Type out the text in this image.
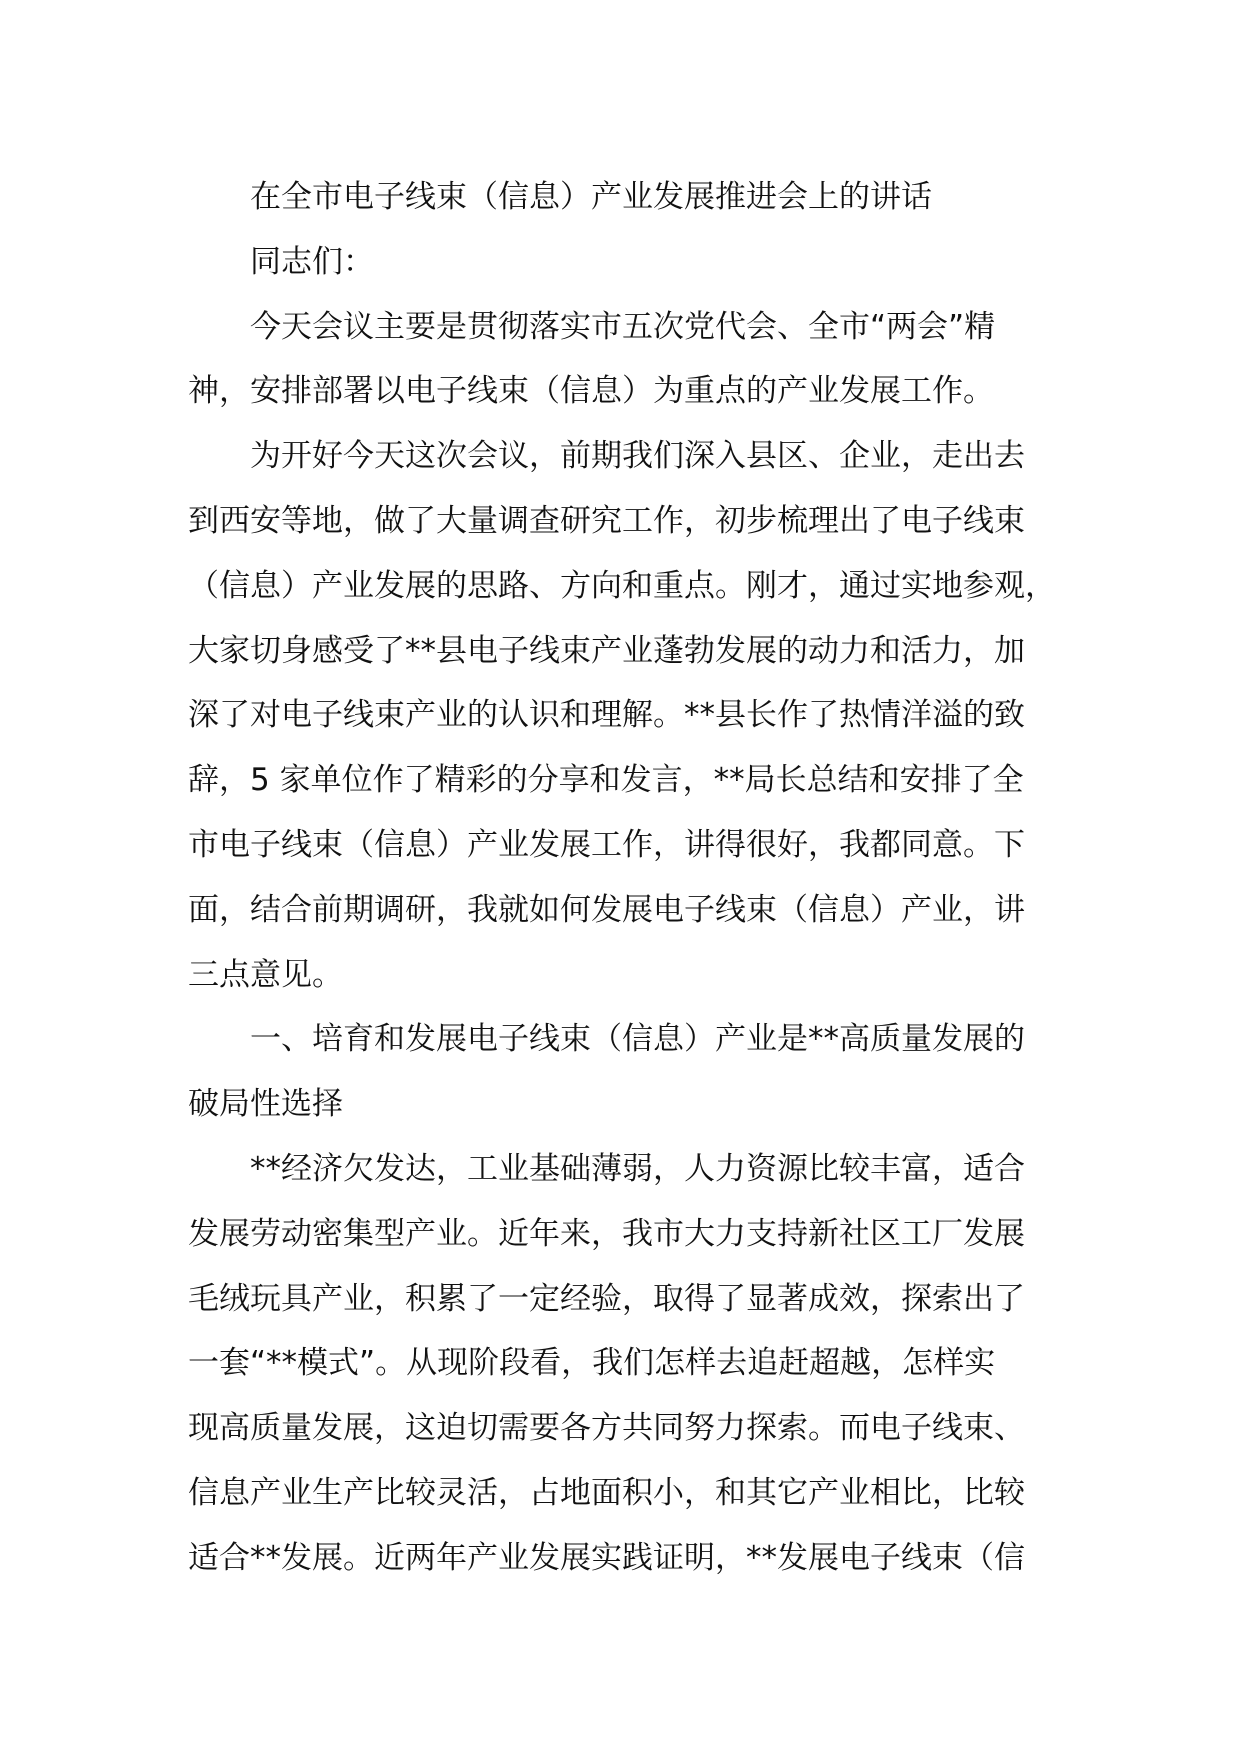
在全市电子线束（信息）产业发展推进会上的讲话
同志们：
今天会议主要是贯彻落实市五次党代会、全市“两会”精
神，安排部署以电子线束（信息）为重点的产业发展工作。
为开好今天这次会议，前期我们深入县区、企业，走出去
到西安等地，做了大量调查研究工作，初步梳理出了电子线束
（信息）产业发展的思路、方向和重点。刚才，通过实地参观，
大家切身感受了**县电子线束产业蓬勃发展的动力和活力，加
深了对电子线束产业的认识和理解。**县长作了热情洋溢的致
辞，5 家单位作了精彩的分享和发言，**局长总结和安排了全
市电子线束（信息）产业发展工作，讲得很好，我都同意。下
面，结合前期调研，我就如何发展电子线束（信息）产业，讲
三点意见。
一、培育和发展电子线束（信息）产业是**高质量发展的
破局性选择
**经济欠发达，工业基础薄弱，人力资源比较丰富，适合
发展劳动密集型产业。近年来，我市大力支持新社区工厂发展
毛绒玩具产业，积累了一定经验，取得了显著成效，探索出了
一套“**模式”。从现阶段看，我们怎样去追赶超越，怎样实
现高质量发展，这迫切需要各方共同努力探索。而电子线束、
信息产业生产比较灵活，占地面积小，和其它产业相比，比较
适合**发展。近两年产业发展实践证明，**发展电子线束（信
